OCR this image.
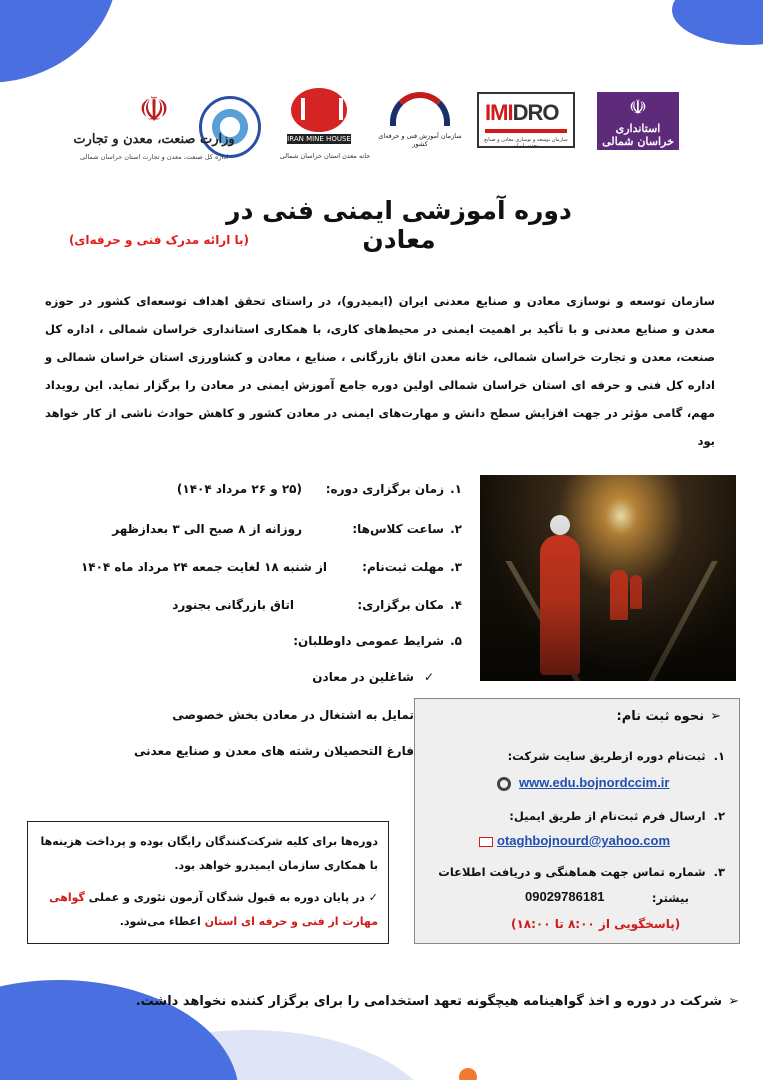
☫
استانداری خراسان شمالی
IMIDRO
سازمان توسعه و نوسازی معادن و صنایع معدنی ایران
سازمان آموزش فنی و حرفه‌ای کشور
IRAN MINE HOUSE
خانه معدن استان خراسان شمالی
☫
وزارت صنعت، معدن و تجارت
اداره کل صنعت، معدن و تجارت استان خراسان شمالی
دوره آموزشی ایمنی فنی در معادن
(با ارائه مدرک فنی و حرفه‌ای)
سازمان توسعه و نوسازی معادن و صنایع معدنی ایران (ایمیدرو)، در راستای تحقق اهداف توسعه‌ای کشور در حوزه معدن و صنایع معدنی و با تأکید بر اهمیت ایمنی در محیط‌های کاری، با همکاری استانداری خراسان شمالی ، اداره کل صنعت، معدن و تجارت خراسان شمالی، خانه معدن اتاق بازرگانی ، صنایع ، معادن و کشاورزی استان خراسان شمالی و اداره کل فنی و حرفه ای استان خراسان شمالی اولین دوره جامع آموزش ایمنی در معادن را برگزار نماید. این رویداد مهم، گامی مؤثر در جهت افزایش سطح دانش و مهارت‌های ایمنی در معادن کشور و کاهش حوادث ناشی از کار خواهد بود
۱.
زمان برگزاری دوره:
(۲۵ و ۲۶ مرداد ۱۴۰۴)
۲.
ساعت کلاس‌ها:
روزانه از ۸ صبح الی ۳ بعدازظهر
۳.
مهلت ثبت‌نام:
از شنبه ۱۸ لغایت جمعه ۲۴ مرداد ماه ۱۴۰۴
۴.
مکان برگزاری:
اتاق بازرگانی بجنورد
۵.
شرایط عمومی داوطلبان:
✓شاغلین در معادن
تمایل به اشتغال در معادن بخش خصوصی
فارغ التحصیلان رشته های معدن و صنایع معدنی
➢نحوه ثبت نام:
۱.  ثبت‌نام دوره ازطریق سایت شرکت:
www.edu.bojnordccim.ir
۲.  ارسال فرم ثبت‌نام از طریق ایمیل:
otaghbojnourd@yahoo.com
۳.  شماره تماس جهت هماهنگی و دریافت اطلاعات
بیشتر:
09029786181
(پاسخگویی از ۸:۰۰ تا ۱۸:۰۰)
دوره‌ها برای کلیه شرکت‌کنندگان رایگان بوده و پرداخت هزینه‌ها با همکاری سازمان ایمیدرو خواهد بود.
✓ در پایان دوره به قبول شدگان آزمون تئوری و عملی گواهی مهارت از فنی و حرفه ای استان اعطاء می‌شود.
➢شرکت در دوره و اخذ گواهینامه هیچگونه تعهد استخدامی را برای برگزار کننده نخواهد داشت.
